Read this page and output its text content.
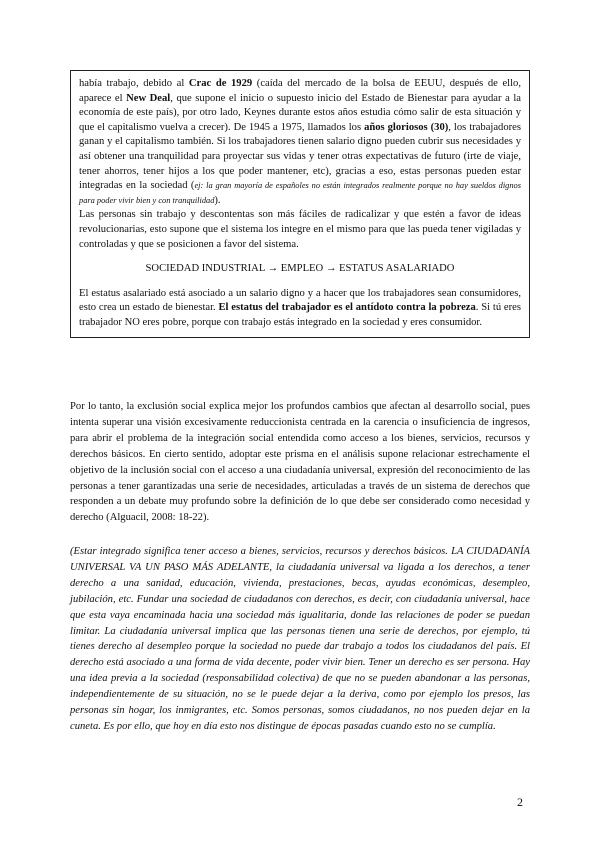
había trabajo, debido al Crac de 1929 (caída del mercado de la bolsa de EEUU, después de ello, aparece el New Deal, que supone el inicio o supuesto inicio del Estado de Bienestar para ayudar a la economía de este país), por otro lado, Keynes durante estos años estudia cómo salir de esta situación y que el capitalismo vuelva a crecer). De 1945 a 1975, llamados los años gloriosos (30), los trabajadores ganan y el capitalismo también. Si los trabajadores tienen salario digno pueden cubrir sus necesidades y así obtener una tranquilidad para proyectar sus vidas y tener otras expectativas de futuro (irte de viaje, tener ahorros, tener hijos a los que poder mantener, etc), gracias a eso, estas personas pueden estar integradas en la sociedad (ej: la gran mayoría de españoles no están integrados realmente porque no hay sueldos dignos para poder vivir bien y con tranquilidad).

Las personas sin trabajo y descontentas son más fáciles de radicalizar y que estén a favor de ideas revolucionarias, esto supone que el sistema los integre en el mismo para que las pueda tener vigiladas y controladas y que se posicionen a favor del sistema.

SOCIEDAD INDUSTRIAL → EMPLEO → ESTATUS ASALARIADO

El estatus asalariado está asociado a un salario digno y a hacer que los trabajadores sean consumidores, esto crea un estado de bienestar. El estatus del trabajador es el antídoto contra la pobreza. Si tú eres trabajador NO eres pobre, porque con trabajo estás integrado en la sociedad y eres consumidor.

Por lo tanto, la exclusión social explica mejor los profundos cambios que afectan al desarrollo social, pues intenta superar una visión excesivamente reduccionista centrada en la carencia o insuficiencia de ingresos, para abrir el problema de la integración social entendida como acceso a los bienes, servicios, recursos y derechos básicos. En cierto sentido, adoptar este prisma en el análisis supone relacionar estrechamente el objetivo de la inclusión social con el acceso a una ciudadanía universal, expresión del reconocimiento de las personas a tener garantizadas una serie de necesidades, articuladas a través de un sistema de derechos que responden a un debate muy profundo sobre la definición de lo que debe ser considerado como necesidad y derecho (Alguacil, 2008: 18-22).

(Estar integrado significa tener acceso a bienes, servicios, recursos y derechos básicos. LA CIUDADANÍA UNIVERSAL VA UN PASO MÁS ADELANTE, la ciudadanía universal va ligada a los derechos, a tener derecho a una sanidad, educación, vivienda, prestaciones, becas, ayudas económicas, desempleo, jubilación, etc. Fundar una sociedad de ciudadanos con derechos, es decir, con ciudadanía universal, hace que esta vaya encaminada hacia una sociedad más igualitaria, donde las relaciones de poder se puedan limitar. La ciudadanía universal implica que las personas tienen una serie de derechos, por ejemplo, tú tienes derecho al desempleo porque la sociedad no puede dar trabajo a todos los ciudadanos del país. El derecho está asociado a una forma de vida decente, poder vivir bien. Tener un derecho es ser persona. Hay una idea previa a la sociedad (responsabilidad colectiva) de que no se pueden abandonar a las personas, independientemente de su situación, no se le puede dejar a la deriva, como por ejemplo los presos, las personas sin hogar, los inmigrantes, etc. Somos personas, somos ciudadanos, no nos pueden dejar en la cuneta. Es por ello, que hoy en día esto nos distingue de épocas pasadas cuando esto no se cumplía.

2
